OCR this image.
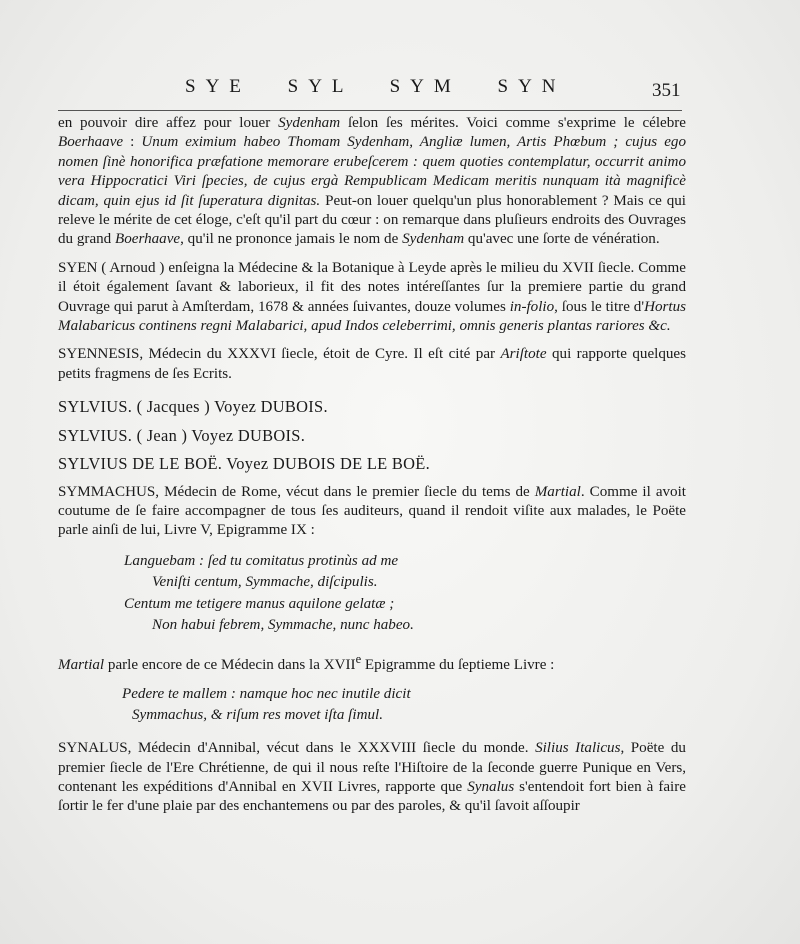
SYE SYL SYM SYN	351

en pouvoir dire affez pour louer Sydenham ſelon ſes mérites. Voici comme s'exprime le célebre Boerhaave : Unum eximium habeo Thomam Sydenham, Angliæ lumen, Artis Phœbum ; cujus ego nomen ſinè honorifica præfatione memorare erubeſcerem : quem quoties contemplatur, occurrit animo vera Hippocratici Viri ſpecies, de cujus ergà Rempublicam Medicam meritis nunquam ità magnificè dicam, quin ejus id ſit ſuperatura dignitas. Peut-on louer quelqu'un plus honorablement ? Mais ce qui releve le mérite de cet éloge, c'eſt qu'il part du cœur : on remarque dans pluſieurs endroits des Ouvrages du grand Boerhaave, qu'il ne prononce jamais le nom de Sydenham qu'avec une ſorte de vénération.

SYEN ( Arnoud ) enſeigna la Médecine & la Botanique à Leyde après le milieu du XVII ſiecle. Comme il étoit également ſavant & laborieux, il fit des notes intéreſſantes ſur la premiere partie du grand Ouvrage qui parut à Amſterdam, 1678 & années ſuivantes, douze volumes in-folio, ſous le titre d'Hortus Malabaricus continens regni Malabarici, apud Indos celeberrimi, omnis generis plantas rariores &c.

SYENNESIS, Médecin du XXXVI ſiecle, étoit de Cyre. Il eſt cité par Ariſtote qui rapporte quelques petits fragmens de ſes Ecrits.

SYLVIUS. ( Jacques ) Voyez DUBOIS.

SYLVIUS. ( Jean ) Voyez DUBOIS.

SYLVIUS DE LE BOË. Voyez DUBOIS DE LE BOË.

SYMMACHUS, Médecin de Rome, vécut dans le premier ſiecle du tems de Martial. Comme il avoit coutume de ſe faire accompagner de tous ſes auditeurs, quand il rendoit viſite aux malades, le Poëte parle ainſi de lui, Livre V, Epigramme IX :

Languebam : ſed tu comitatus protinùs ad me
Veniſti centum, Symmache, diſcipulis.
Centum me tetigere manus aquilone gelatæ ;
Non habui febrem, Symmache, nunc habeo.

Martial parle encore de ce Médecin dans la XVIIe Epigramme du ſeptieme Livre :

Pedere te mallem : namque hoc nec inutile dicit
Symmachus, & riſum res movet iſta ſimul.

SYNALUS, Médecin d'Annibal, vécut dans le XXXVIII ſiecle du monde. Silius Italicus, Poëte du premier ſiecle de l'Ere Chrétienne, de qui il nous reſte l'Hiſtoire de la ſeconde guerre Punique en Vers, contenant les expéditions d'Annibal en XVII Livres, rapporte que Synalus s'entendoit fort bien à faire ſortir le fer d'une plaie par des enchantemens ou par des paroles, & qu'il ſavoit aſſoupir
